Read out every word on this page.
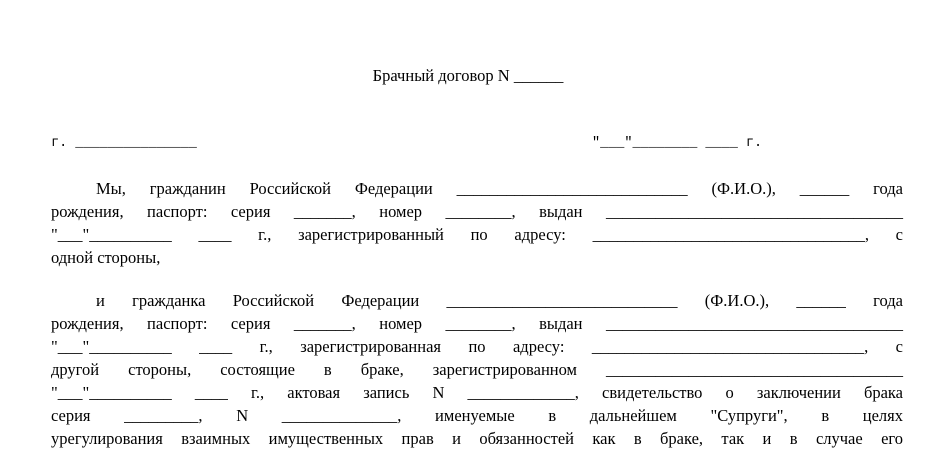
Брачный договор N ______
г. _______________	"___"________ ____ г.
Мы, гражданин Российской Федерации ____________________________ (Ф.И.О.), ______ года
рождения, паспорт: серия _______, номер ________, выдан ____________________________________
"___"__________ ____ г., зарегистрированный по адресу: _________________________________, с
одной стороны,
и гражданка Российской Федерации ____________________________ (Ф.И.О.), ______ года
рождения, паспорт: серия _______, номер ________, выдан ____________________________________
"___"__________ ____ г., зарегистрированная по адресу: _________________________________, с
другой стороны, состоящие в браке, зарегистрированном ____________________________________
"___"__________ ____ г., актовая запись N _____________, свидетельство о заключении брака
серия _________, N ______________, именуемые в дальнейшем "Супруги", в целях
урегулирования взаимных имущественных прав и обязанностей как в браке, так и в случае его
